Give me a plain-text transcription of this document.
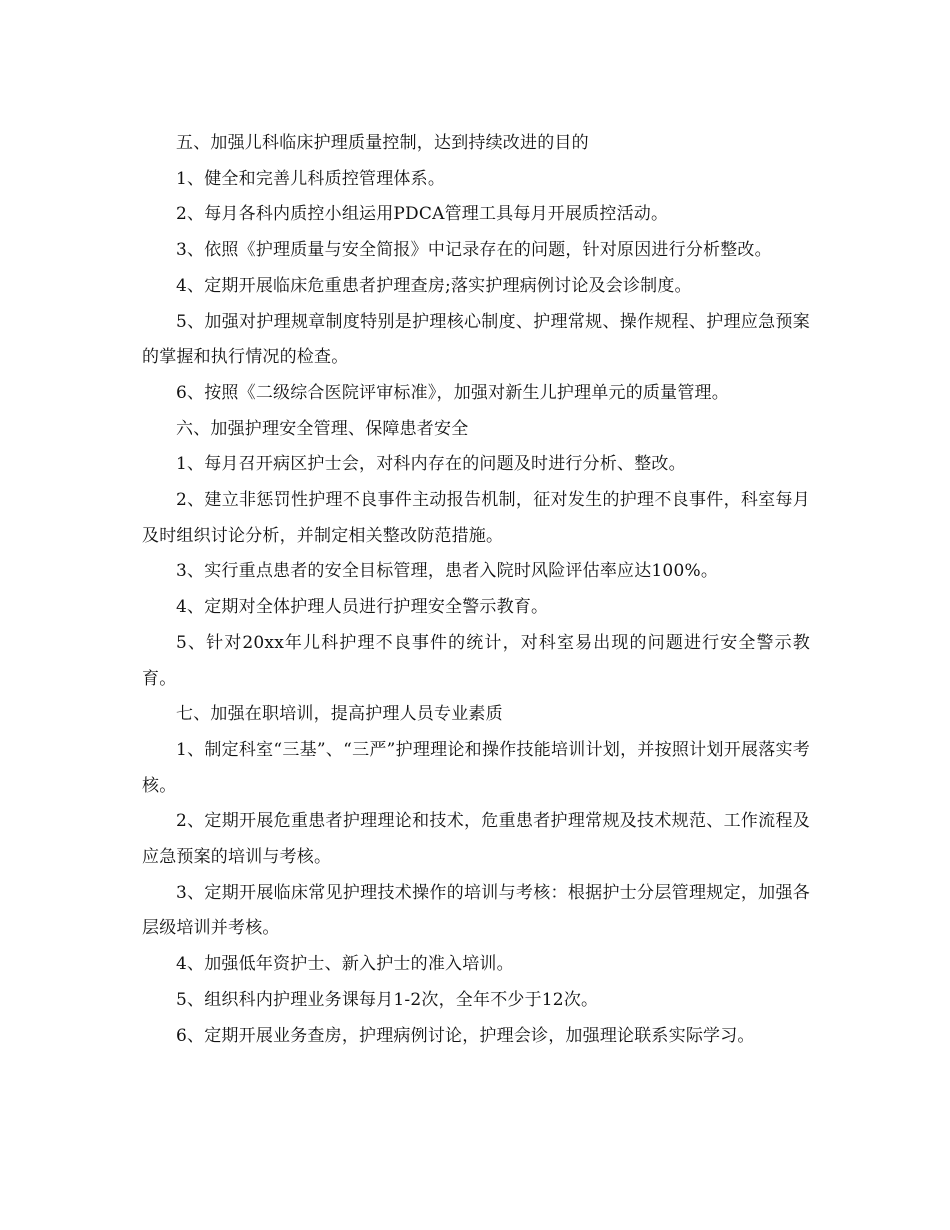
五、加强儿科临床护理质量控制，达到持续改进的目的

1、健全和完善儿科质控管理体系。

2、每月各科内质控小组运用PDCA管理工具每月开展质控活动。

3、依照《护理质量与安全简报》中记录存在的问题，针对原因进行分析整改。

4、定期开展临床危重患者护理查房;落实护理病例讨论及会诊制度。

5、加强对护理规章制度特别是护理核心制度、护理常规、操作规程、护理应急预案的掌握和执行情况的检查。

6、按照《二级综合医院评审标准》，加强对新生儿护理单元的质量管理。

六、加强护理安全管理、保障患者安全

1、每月召开病区护士会，对科内存在的问题及时进行分析、整改。

2、建立非惩罚性护理不良事件主动报告机制，征对发生的护理不良事件，科室每月及时组织讨论分析，并制定相关整改防范措施。

3、实行重点患者的安全目标管理，患者入院时风险评估率应达100%。

4、定期对全体护理人员进行护理安全警示教育。

5、针对20xx年儿科护理不良事件的统计，对科室易出现的问题进行安全警示教育。

七、加强在职培训，提高护理人员专业素质

1、制定科室“三基”、“三严”护理理论和操作技能培训计划，并按照计划开展落实考核。

2、定期开展危重患者护理理论和技术，危重患者护理常规及技术规范、工作流程及应急预案的培训与考核。

3、定期开展临床常见护理技术操作的培训与考核：根据护士分层管理规定，加强各层级培训并考核。

4、加强低年资护士、新入护士的准入培训。

5、组织科内护理业务课每月1-2次，全年不少于12次。

6、定期开展业务查房，护理病例讨论，护理会诊，加强理论联系实际学习。
